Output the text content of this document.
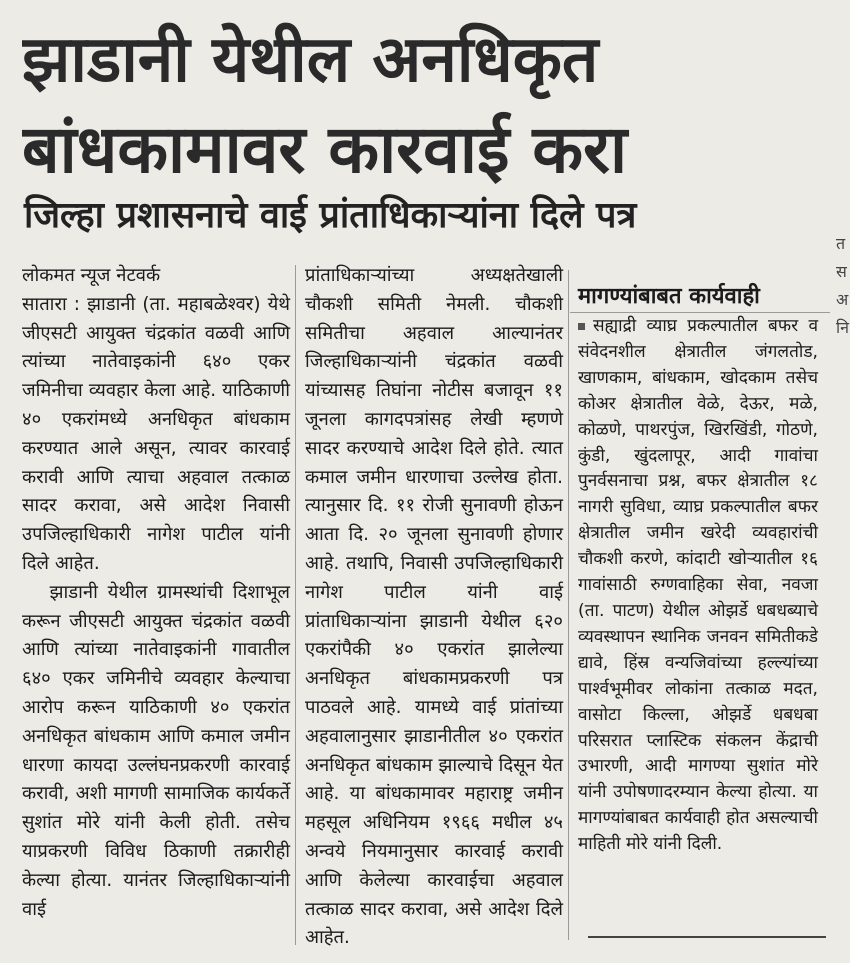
झाडानी येथील अनधिकृत
बांधकामावर कारवाई करा
जिल्हा प्रशासनाचे वाई प्रांताधिकाऱ्यांना दिले पत्र

लोकमत न्यूज नेटवर्क

सातारा : झाडानी (ता. महाबळेश्वर) येथे जीएसटी आयुक्त चंद्रकांत वळवी आणि त्यांच्या नातेवाइकांनी ६४० एकर जमिनीचा व्यवहार केला आहे. याठिकाणी ४० एकरांमध्ये अनधिकृत बांधकाम करण्यात आले असून, त्यावर कारवाई करावी आणि त्याचा अहवाल तत्काळ सादर करावा, असे आदेश निवासी उपजिल्हाधिकारी नागेश पाटील यांनी दिले आहेत.

झाडानी येथील ग्रामस्थांची दिशाभूल करून जीएसटी आयुक्त चंद्रकांत वळवी आणि त्यांच्या नातेवाइकांनी गावातील ६४० एकर जमिनीचे व्यवहार केल्याचा आरोप करून याठिकाणी ४० एकरांत अनधिकृत बांधकाम आणि कमाल जमीन धारणा कायदा उल्लंघनप्रकरणी कारवाई करावी, अशी मागणी सामाजिक कार्यकर्ते सुशांत मोरे यांनी केली होती. तसेच याप्रकरणी विविध ठिकाणी तक्रारीही केल्या होत्या. यानंतर जिल्हाधिकाऱ्यांनी वाई

प्रांताधिकाऱ्यांच्या अध्यक्षतेखाली चौकशी समिती नेमली. चौकशी समितीचा अहवाल आल्यानंतर जिल्हाधिकाऱ्यांनी चंद्रकांत वळवी यांच्यासह तिघांना नोटीस बजावून ११ जूनला कागदपत्रांसह लेखी म्हणणे सादर करण्याचे आदेश दिले होते. त्यात कमाल जमीन धारणाचा उल्लेख होता. त्यानुसार दि. ११ रोजी सुनावणी होऊन आता दि. २० जूनला सुनावणी होणार आहे. तथापि, निवासी उपजिल्हाधिकारी नागेश पाटील यांनी वाई प्रांताधिकाऱ्यांना झाडानी येथील ६२० एकरांपैकी ४० एकरांत झालेल्या अनधिकृत बांधकामप्रकरणी पत्र पाठवले आहे. यामध्ये वाई प्रांतांच्या अहवालानुसार झाडानीतील ४० एकरांत अनधिकृत बांधकाम झाल्याचे दिसून येत आहे. या बांधकामावर महाराष्ट्र जमीन महसूल अधिनियम १९६६ मधील ४५ अन्वये नियमानुसार कारवाई करावी आणि केलेल्या कारवाईचा अहवाल तत्काळ सादर करावा, असे आदेश दिले आहेत.

मागण्यांबाबत कार्यवाही

सह्याद्री व्याघ्र प्रकल्पातील बफर व संवेदनशील क्षेत्रातील जंगलतोड, खाणकाम, बांधकाम, खोदकाम तसेच कोअर क्षेत्रातील वेळे, देऊर, मळे, कोळणे, पाथरपुंज, खिरखिंडी, गोठणे, कुंडी, खुंदलापूर, आदी गावांचा पुनर्वसनाचा प्रश्न, बफर क्षेत्रातील १८ नागरी सुविधा, व्याघ्र प्रकल्पातील बफर क्षेत्रातील जमीन खरेदी व्यवहारांची चौकशी करणे, कांदाटी खोऱ्यातील १६ गावांसाठी रुग्णवाहिका सेवा, नवजा (ता. पाटण) येथील ओझर्डे धबधब्याचे व्यवस्थापन स्थानिक जनवन समितीकडे द्यावे, हिंस्र वन्यजिवांच्या हल्ल्यांच्या पार्श्वभूमीवर लोकांना तत्काळ मदत, वासोटा किल्ला, ओझर्डे धबधबा परिसरात प्लास्टिक संकलन केंद्राची उभारणी, आदी मागण्या सुशांत मोरे यांनी उपोषणादरम्यान केल्या होत्या. या मागण्यांबाबत कार्यवाही होत असल्याची माहिती मोरे यांनी दिली.

त स अ नि
